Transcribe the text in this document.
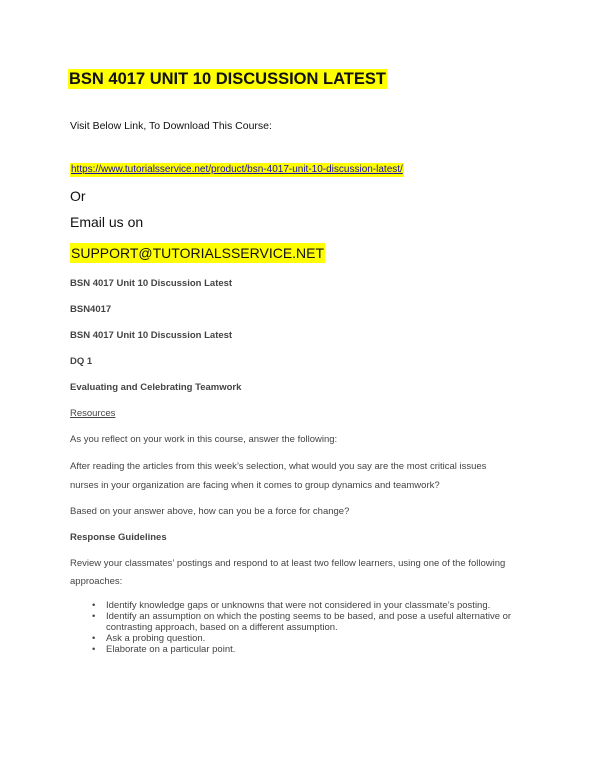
BSN 4017 UNIT 10 DISCUSSION LATEST
Visit Below Link, To Download This Course:
https://www.tutorialsservice.net/product/bsn-4017-unit-10-discussion-latest/
Or
Email us on
SUPPORT@TUTORIALSSERVICE.NET
BSN 4017 Unit 10 Discussion Latest
BSN4017
BSN 4017 Unit 10 Discussion Latest
DQ 1
Evaluating and Celebrating Teamwork
Resources
As you reflect on your work in this course, answer the following:
After reading the articles from this week’s selection, what would you say are the most critical issues
nurses in your organization are facing when it comes to group dynamics and teamwork?
Based on your answer above, how can you be a force for change?
Response Guidelines
Review your classmates’ postings and respond to at least two fellow learners, using one of the following
approaches:
• Identify knowledge gaps or unknowns that were not considered in your classmate’s posting.
• Identify an assumption on which the posting seems to be based, and pose a useful alternative or
contrasting approach, based on a different assumption.
• Ask a probing question.
• Elaborate on a particular point.
